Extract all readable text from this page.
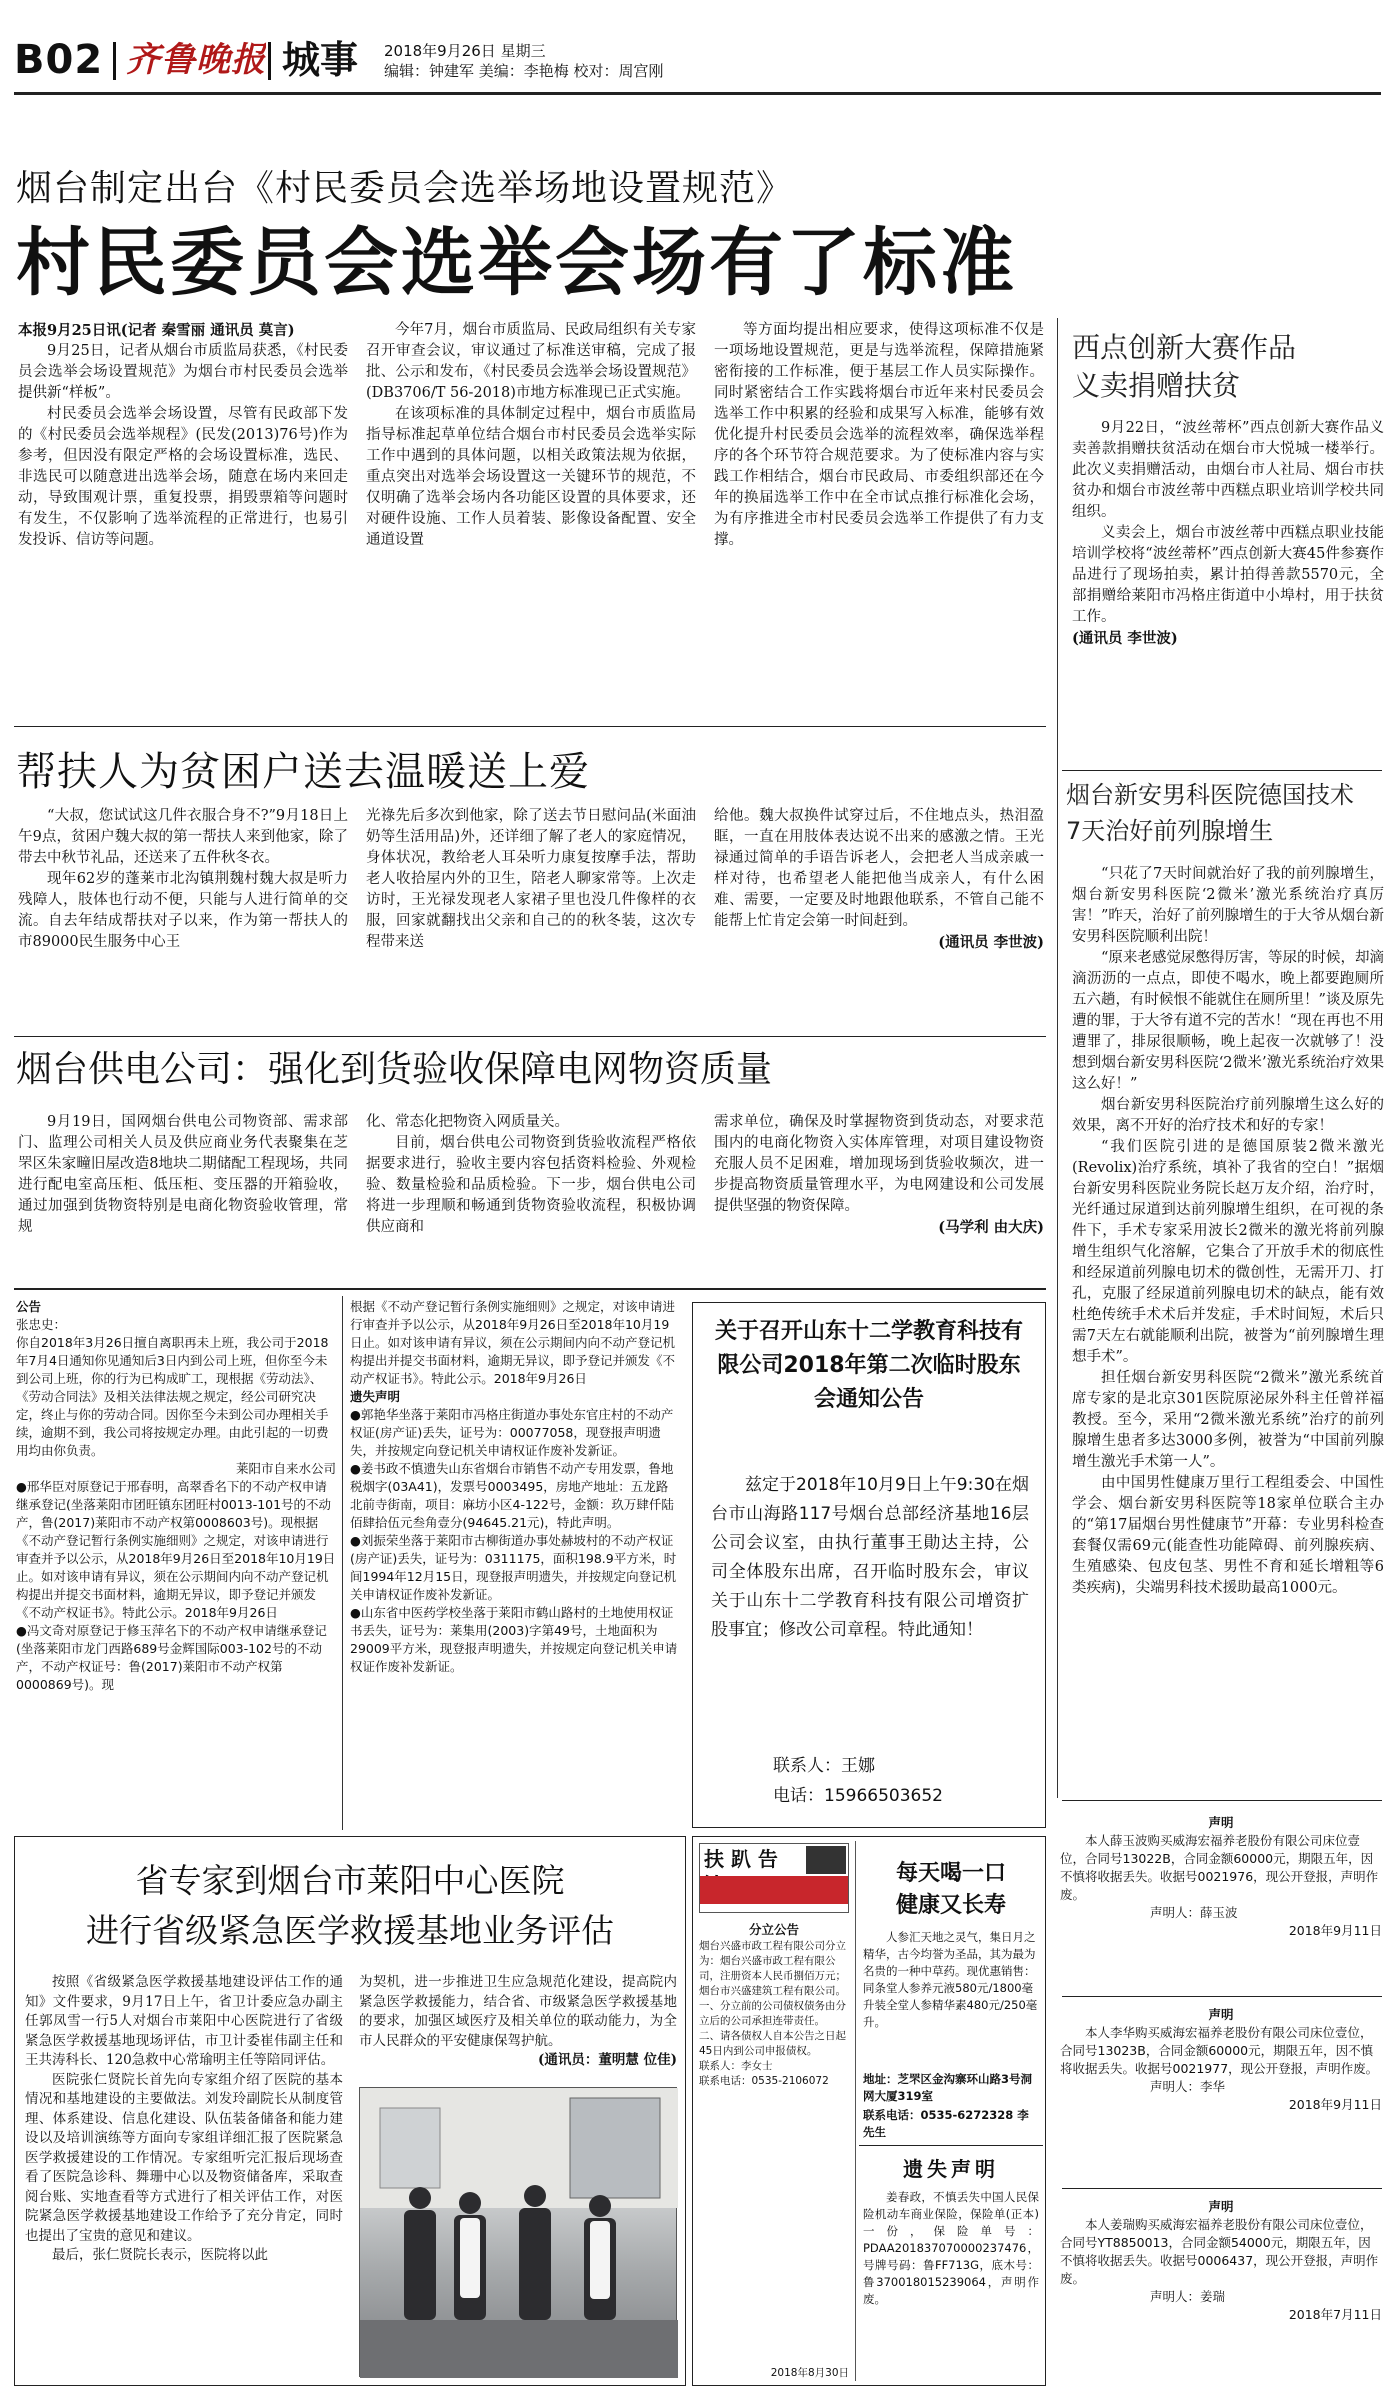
B02 齐鲁晚报 城事 2018年9月26日 星期三
编辑：钟建军 美编：李艳梅 校对：周宫刚
烟台制定出台《村民委员会选举场地设置规范》
村民委员会选举会场有了标准
本报9月25日讯(记者 秦雪丽 通讯员 莫言)

9月25日，记者从烟台市质监局获悉，《村民委员会选举会场设置规范》为烟台市村民委员会选举提供新“样板”。

村民委员会选举会场设置，尽管有民政部下发的《村民委员会选举规程》(民发(2013)76号)作为参考，但因没有限定严格的会场设置标准，选民、非选民可以随意进出选举会场，随意在场内来回走动，导致围观计票，重复投票，捐毁票箱等问题时有发生，不仅影响了选举流程的正常进行，也易引发投诉、信访等问题。

今年7月，烟台市质监局、民政局组织有关专家召开审查会议，审议通过了标准送审稿，完成了报批、公示和发布，《村民委员会选举会场设置规范》(DB3706/T 56-2018)市地方标准现已正式实施。

在该项标准的具体制定过程中，烟台市质监局指导标准起草单位结合烟台市村民委员会选举实际工作中遇到的具体问题，以相关政策法规为依据，重点突出对选举会场设置这一关键环节的规范，不仅明确了选举会场内各功能区设置的具体要求，还对硬件设施、工作人员着装、影像设备配置、安全通道设置

等方面均提出相应要求，使得这项标准不仅是一项场地设置规范，更是与选举流程，保障措施紧密衔接的工作标准，便于基层工作人员实际操作。同时紧密结合工作实践将烟台市近年来村民委员会选举工作中积累的经验和成果写入标准，能够有效优化提升村民委员会选举的流程效率，确保选举程序的各个环节符合规范要求。为了使标准内容与实践工作相结合，烟台市民政局、市委组织部还在今年的换届选举工作中在全市试点推行标准化会场，为有序推进全市村民委员会选举工作提供了有力支撑。

西点创新大赛作品
义卖捐赠扶贫

9月22日，“波丝蒂杯”西点创新大赛作品义卖善款捐赠扶贫活动在烟台市大悦城一楼举行。此次义卖捐赠活动，由烟台市人社局、烟台市扶贫办和烟台市波丝蒂中西糕点职业培训学校共同组织。

义卖会上，烟台市波丝蒂中西糕点职业技能培训学校将“波丝蒂杯”西点创新大赛45件参赛作品进行了现场拍卖，累计拍得善款5570元，全部捐赠给莱阳市冯格庄街道中小埠村，用于扶贫工作。

(通讯员 李世波)
帮扶人为贫困户送去温暖送上爱

“大叔，您试试这几件衣服合身不?”9月18日上午9点，贫困户魏大叔的第一帮扶人来到他家，除了带去中秋节礼品，还送来了五件秋冬衣。

现年62岁的蓬莱市北沟镇荆魏村魏大叔是听力残障人，肢体也行动不便，只能与人进行简单的交流。自去年结成帮扶对子以来，作为第一帮扶人的市89000民生服务中心王

光祿先后多次到他家，除了送去节日慰问品(米面油奶等生活用品)外，还详细了解了老人的家庭情况，身体状况，教给老人耳朵听力康复按摩手法，帮助老人收拾屋内外的卫生，陪老人聊家常等。上次走访时，王光禄发现老人家裙子里也没几件像样的衣服，回家就翻找出父亲和自己的的秋冬装，这次专程带来送

给他。魏大叔换件试穿过后，不住地点头，热泪盈眶，一直在用肢体表达说不出来的感激之情。王光禄通过简单的手语告诉老人，会把老人当成亲戚一样对待，也希望老人能把他当成亲人，有什么困难、需要，一定要及时地跟他联系，不管自己能不能帮上忙肯定会第一时间赶到。

(通讯员 李世波)
烟台新安男科医院德国技术
7天治好前列腺增生

“只花了7天时间就治好了我的前列腺增生，烟台新安男科医院‘2微米’激光系统治疗真厉害！”昨天，治好了前列腺增生的于大爷从烟台新安男科医院顺利出院！

“原来老感觉尿憋得厉害，等尿的时候，却滴滴沥沥的一点点，即使不喝水，晚上都要跑厕所五六趟，有时候恨不能就住在厕所里！”谈及原先遭的罪，于大爷有道不完的苦水！“现在再也不用遭罪了，排尿很顺畅，晚上起夜一次就够了！没想到烟台新安男科医院‘2微米’激光系统治疗效果这么好！”

烟台新安男科医院治疗前列腺增生这么好的效果，离不开好的治疗技术和好的专家！

“我们医院引进的是德国原装2微米激光(Revolix)治疗系统，填补了我省的空白！”据烟台新安男科医院业务院长赵万友介绍，治疗时，光纤通过尿道到达前列腺增生组织，在可视的条件下，手术专家采用波长2微米的激光将前列腺增生组织气化溶解，它集合了开放手术的彻底性和经尿道前列腺电切术的微创性，无需开刀、打孔，克服了经尿道前列腺电切术的缺点，能有效杜绝传统手术术后并发症，手术时间短，术后只需7天左右就能顺利出院，被誉为“前列腺增生理想手术”。

担任烟台新安男科医院“2微米”激光系统首席专家的是北京301医院原泌尿外科主任曾祥福教授。至今，采用“2微米激光系统”治疗的前列腺增生患者多达3000多例，被誉为“中国前列腺增生激光手术第一人”。

由中国男性健康万里行工程组委会、中国性学会、烟台新安男科医院等18家单位联合主办的“第17届烟台男性健康节”开幕：专业男科检查套餐仅需69元(能查性功能障碍、前列腺疾病、生殖感染、包皮包茎、男性不育和延长增粗等6类疾病)，尖端男科技术援助最高1000元。

烟台供电公司：强化到货验收保障电网物资质量

9月19日，国网烟台供电公司物资部、需求部门、监理公司相关人员及供应商业务代表聚集在芝罘区朱家疃旧屋改造8地块二期储配工程现场，共同进行配电室高压柜、低压柜、变压器的开箱验收，通过加强到货物资特别是电商化物资验收管理，常规

化、常态化把物资入网质量关。

目前，烟台供电公司物资到货验收流程严格依据要求进行，验收主要内容包括资料检验、外观检验、数量检验和品质检验。下一步，烟台供电公司将进一步理顺和畅通到货物资验收流程，积极协调供应商和

需求单位，确保及时掌握物资到货动态，对要求范围内的电商化物资入实体库管理，对项目建设物资充服人员不足困难，增加现场到货验收频次，进一步提高物资质量管理水平，为电网建设和公司发展提供坚强的物资保障。

(马学利 由大庆)
公告
张忠史：
你自2018年3月26日擅自离职再未上班，我公司于2018年7月4日通知你见通知后3日内到公司上班，但你至今未到公司上班，你的行为已构成旷工，现根据《劳动法》、《劳动合同法》及相关法律法规之规定，经公司研究决定，终止与你的劳动合同。因你至今未到公司办理相关手续，逾期不到，我公司将按规定办理。由此引起的一切费用均由你负责。
莱阳市自来水公司
●邢华臣对原登记于邢春明，高翠香名下的不动产权申请继承登记(坐落莱阳市团旺镇东团旺村0013-101号的不动产，鲁(2017)莱阳市不动产权第0008603号)。现根据《不动产登记暂行条例实施细则》之规定，对该申请进行审查并予以公示，从2018年9月26日至2018年10月19日止。如对该申请有异议，须在公示期间内向不动产登记机构提出并提交书面材料，逾期无异议，即予登记并颁发《不动产权证书》。特此公示。2018年9月26日
●冯文奇对原登记于修玉萍名下的不动产权申请继承登记(坐落莱阳市龙门西路689号金辉国际003-102号的不动产，不动产权证号：鲁(2017)莱阳市不动产权第0000869号)。现
根据《不动产登记暂行条例实施细则》之规定，对该申请进行审查并予以公示，从2018年9月26日至2018年10月19日止。如对该申请有异议，须在公示期间内向不动产登记机构提出并提交书面材料，逾期无异议，即予登记并颁发《不动产权证书》。特此公示。2018年9月26日
遗失声明
●郭艳华坐落于莱阳市冯格庄街道办事处东官庄村的不动产权证(房产证)丢失，证号为：00077058，现登报声明遗失，并按规定向登记机关申请权证作废补发新证。
●姜书政不慎遗失山东省烟台市销售不动产专用发票，鲁地税烟字(03A41)，发票号0003495，房地产地址：五龙路北前寺街南，项目：麻坊小区4-122号，金额：玖万肆仟陆佰肆拾伍元叁角壹分(94645.21元)，特此声明。
●刘振荣坐落于莱阳市古柳街道办事处赫坡村的不动产权证(房产证)丢失，证号为：0311175，面积198.9平方米，时间1994年12月15日，现登报声明遗失，并按规定向登记机关申请权证作废补发新证。
●山东省中医药学校坐落于莱阳市鹤山路村的土地使用权证书丢失，证号为：莱集用(2003)字第49号，土地面积为29009平方米，现登报声明遗失，并按规定向登记机关申请权证作废补发新证。
关于召开山东十二学教育科技有限公司2018年第二次临时股东会通知公告
兹定于2018年10月9日上午9:30在烟台市山海路117号烟台总部经济基地16层公司会议室，由执行董事王勛达主持，公司全体股东出席，召开临时股东会，审议关于山东十二学教育科技有限公司增资扩股事宜；修改公司章程。特此通知！
联系人：王娜
电话：15966503652
省专家到烟台市莱阳中心医院
进行省级紧急医学救援基地业务评估

按照《省级紧急医学救援基地建设评估工作的通知》文件要求，9月17日上午，省卫计委应急办副主任郭凤雪一行5人对烟台市莱阳中心医院进行了省级紧急医学救援基地现场评估，市卫计委崔伟副主任和王共涛科长、120急救中心常瑜明主任等陪同评估。

医院张仁贤院长首先向专家组介绍了医院的基本情况和基地建设的主要做法。刘发玲副院长从制度管理、体系建设、信息化建设、队伍装备储备和能力建设以及培训演练等方面向专家组详细汇报了医院紧急医学救援建设的工作情况。专家组听完汇报后现场查看了医院急诊科、舞珊中心以及物资储备库，采取查阅台账、实地查看等方式进行了相关评估工作，对医院紧急医学救援基地建设工作给予了充分肯定，同时也提出了宝贵的意见和建议。

最后，张仁贤院长表示，医院将以此

为契机，进一步推进卫生应急规范化建设，提高院内紧急医学救援能力，结合省、市级紧急医学救援基地的要求，加强区域医疗及相关单位的联动能力，为全市人民群众的平安健康保驾护航。

(通讯员：董明慧 位佳)
扶 趴 告
分立公告
烟台兴盛市政工程有限公司分立为：烟台兴盛市政工程有限公司，注册资本人民币捌佰万元；烟台市兴盛建筑工程有限公司。
一、分立前的公司债权债务由分立后的公司承担连带责任。
二、请各债权人自本公告之日起45日内到公司申报债权。
联系人：李女士
联系电话：0535-2106072
2018年8月30日
每天喝一口
健康又长寿
人参汇天地之灵气，集日月之精华，古今均誉为圣品，其为最为名贵的一种中草药。现优惠销售：同条堂人参养元液580元/1800毫升装全堂人参精华素480元/250毫升。
地址：芝罘区金沟寨环山路3号洞网大厦319室
联系电话：0535-6272328 李先生
遗失声明
姜春政，不慎丢失中国人民保险机动车商业保险，保险单(正本)一份，保险单号：PDAA201837070000237476，号牌号码：鲁FF713G，底木号：鲁370018015239064，声明作废。
声明
本人薛玉波购买威海宏福养老股份有限公司床位壹位，合同号13022B，合同金额60000元，期限五年，因不慎将收据丢失。收据号0021976，现公开登报，声明作废。
声明人：薛玉波
2018年9月11日
声明
本人李华购买威海宏福养老股份有限公司床位壹位，合同号13023B，合同金额60000元，期限五年，因不慎将收据丢失。收据号0021977，现公开登报，声明作废。
声明人：李华
2018年9月11日
声明
本人姜瑞购买威海宏福养老股份有限公司床位壹位，合同号YT8850013，合同金额54000元，期限五年，因不慎将收据丢失。收据号0006437，现公开登报，声明作废。
声明人：姜瑞
2018年7月11日
